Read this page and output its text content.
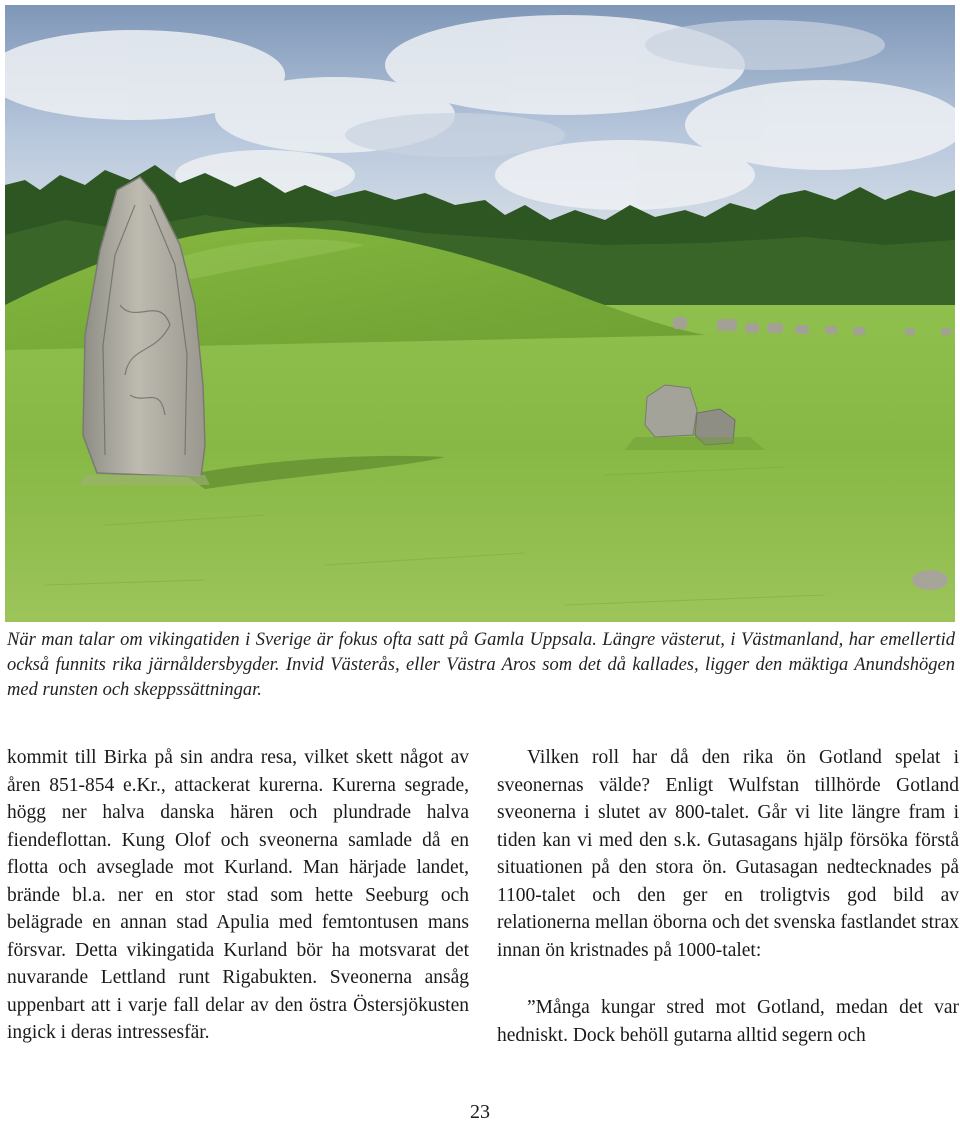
När man talar om vikingatiden i Sverige är fokus ofta satt på Gamla Uppsala. Längre västerut, i Västmanland, har emellertid också funnits rika järnåldersbygder. Invid Västerås, eller Västra Aros som det då kallades, ligger den mäktiga Anundshögen med runsten och skeppssättningar.

kommit till Birka på sin andra resa, vilket skett något av åren 851-854 e.Kr., attackerat kurerna. Kurerna segrade, högg ner halva danska hären och plundrade halva fiendeflottan. Kung Olof och sveonerna samlade då en flotta och avseglade mot Kurland. Man härjade landet, brände bl.a. ner en stor stad som hette Seeburg och belägrade en annan stad Apulia med femtontusen mans försvar. Detta vikingatida Kurland bör ha motsvarat det nuvarande Lettland runt Rigabukten. Sveonerna ansåg uppenbart att i varje fall delar av den östra Östersjökusten ingick i deras intressesfär.

Vilken roll har då den rika ön Gotland spelat i sveonernas välde? Enligt Wulfstan tillhörde Gotland sveonerna i slutet av 800-talet. Går vi lite längre fram i tiden kan vi med den s.k. Gutasagans hjälp försöka förstå situationen på den stora ön. Gutasagan nedtecknades på 1100-talet och den ger en troligtvis god bild av relationerna mellan öborna och det svenska fastlandet strax innan ön kristnades på 1000-talet:

”Många kungar stred mot Gotland, medan det var hedniskt. Dock behöll gutarna alltid segern och

23
